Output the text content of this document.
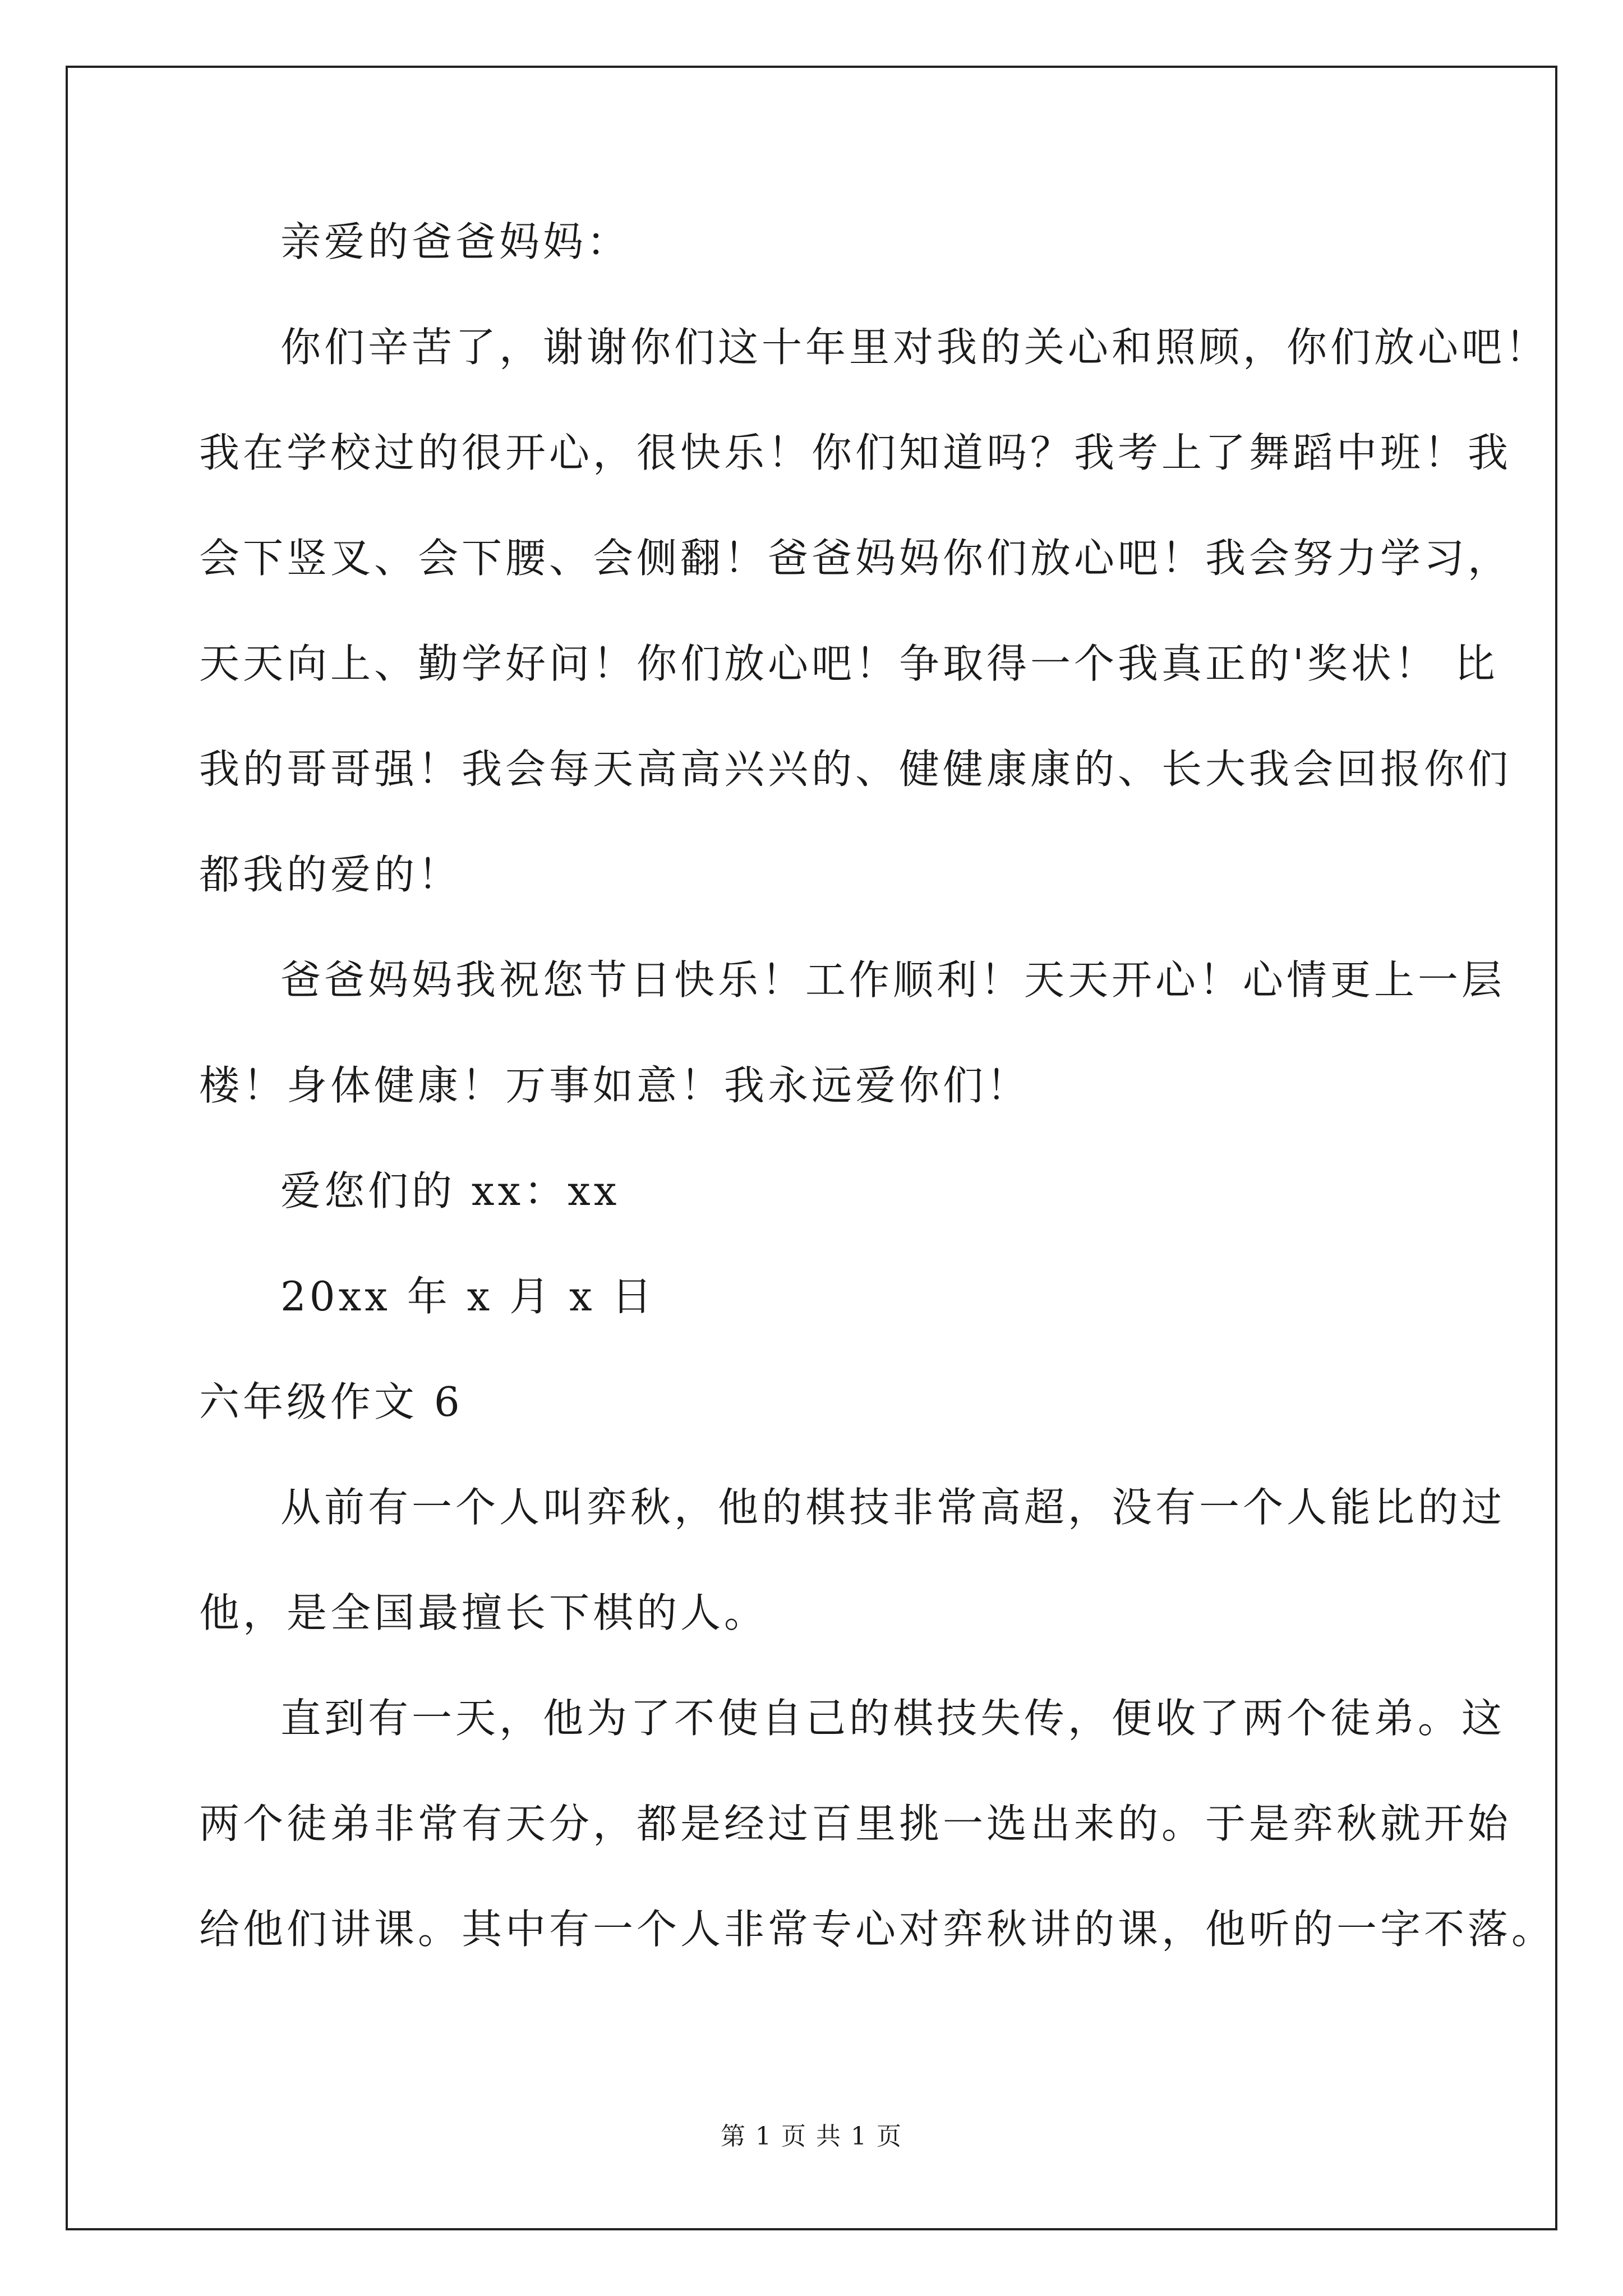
亲爱的爸爸妈妈：
你们辛苦了，谢谢你们这十年里对我的关心和照顾，你们放心吧！
我在学校过的很开心，很快乐！你们知道吗？我考上了舞蹈中班！我
会下竖叉、会下腰、会侧翻！爸爸妈妈你们放心吧！我会努力学习，
天天向上、勤学好问！你们放心吧！争取得一个我真正的'奖状！ 比
我的哥哥强！我会每天高高兴兴的、健健康康的、长大我会回报你们
都我的爱的！
爸爸妈妈我祝您节日快乐！工作顺利！天天开心！心情更上一层
楼！身体健康！万事如意！我永远爱你们！
爱您们的 xx：xx
20xx 年 x 月 x 日
六年级作文 6
从前有一个人叫弈秋，他的棋技非常高超，没有一个人能比的过
他，是全国最擅长下棋的人。
直到有一天，他为了不使自己的棋技失传，便收了两个徒弟。这
两个徒弟非常有天分，都是经过百里挑一选出来的。于是弈秋就开始
给他们讲课。其中有一个人非常专心对弈秋讲的课，他听的一字不落。
第 1 页 共 1 页
